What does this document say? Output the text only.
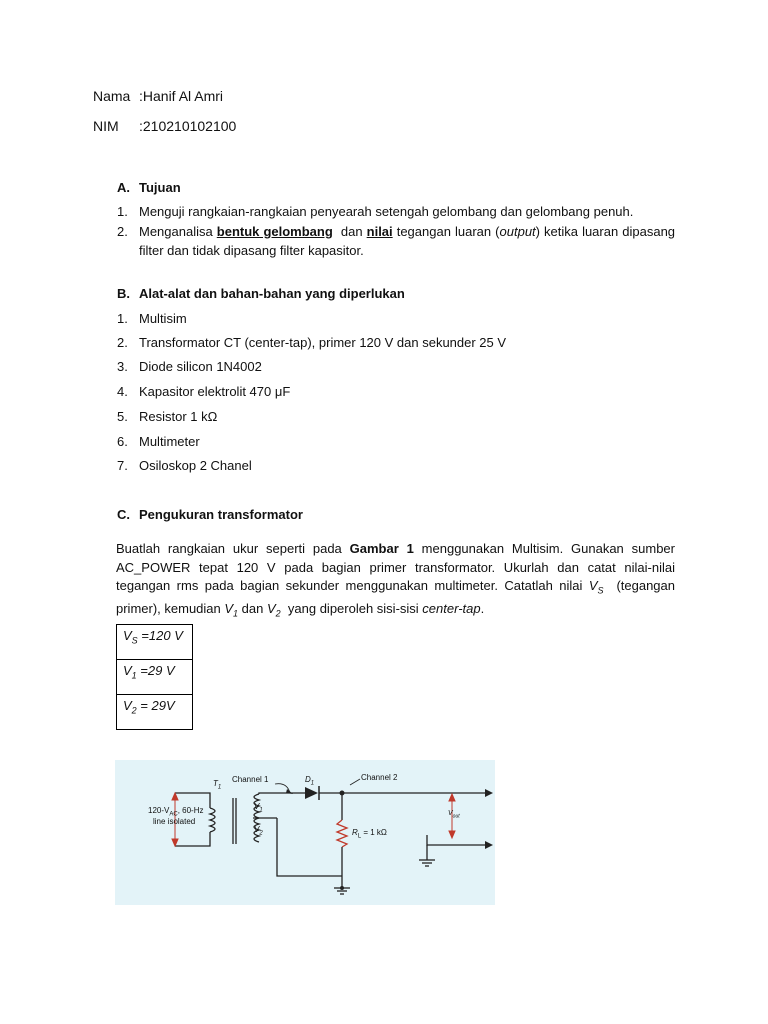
Nama :Hanif Al Amri
NIM :210210102100
A. Tujuan
1. Menguji rangkaian-rangkaian penyearah setengah gelombang dan gelombang penuh.
2. Menganalisa bentuk gelombang  dan nilai tegangan luaran (output) ketika luaran dipasang
filter dan tidak dipasang filter kapasitor.
B. Alat-alat dan bahan-bahan yang diperlukan
1. Multisim
2. Transformator CT (center-tap), primer 120 V dan sekunder 25 V
3. Diode silicon 1N4002
4. Kapasitor elektrolit 470 μF
5. Resistor 1 kΩ
6. Multimeter
7. Osiloskop 2 Chanel
C. Pengukuran transformator
Buatlah rangkaian ukur seperti pada Gambar 1 menggunakan Multisim. Gunakan sumber AC_POWER tepat 120 V pada bagian primer transformator. Ukurlah dan catat nilai-nilai tegangan rms pada bagian sekunder menggunakan multimeter. Catatlah nilai $V_S$  (tegangan primer), kemudian $V_1$ dan $V_2$  yang diperoleh sisi-sisi center-tap.
$V_S =120$ V
$V_1 =29$ V
$V_2 = 29V$
$T_1$
Channel 1	$D_1$
Channel 2
$120-V_{AC}$, 60-Hz
line isolated
$V_1$
$V_2$	$R_L = 1$ kΩ
$V_{out}$
